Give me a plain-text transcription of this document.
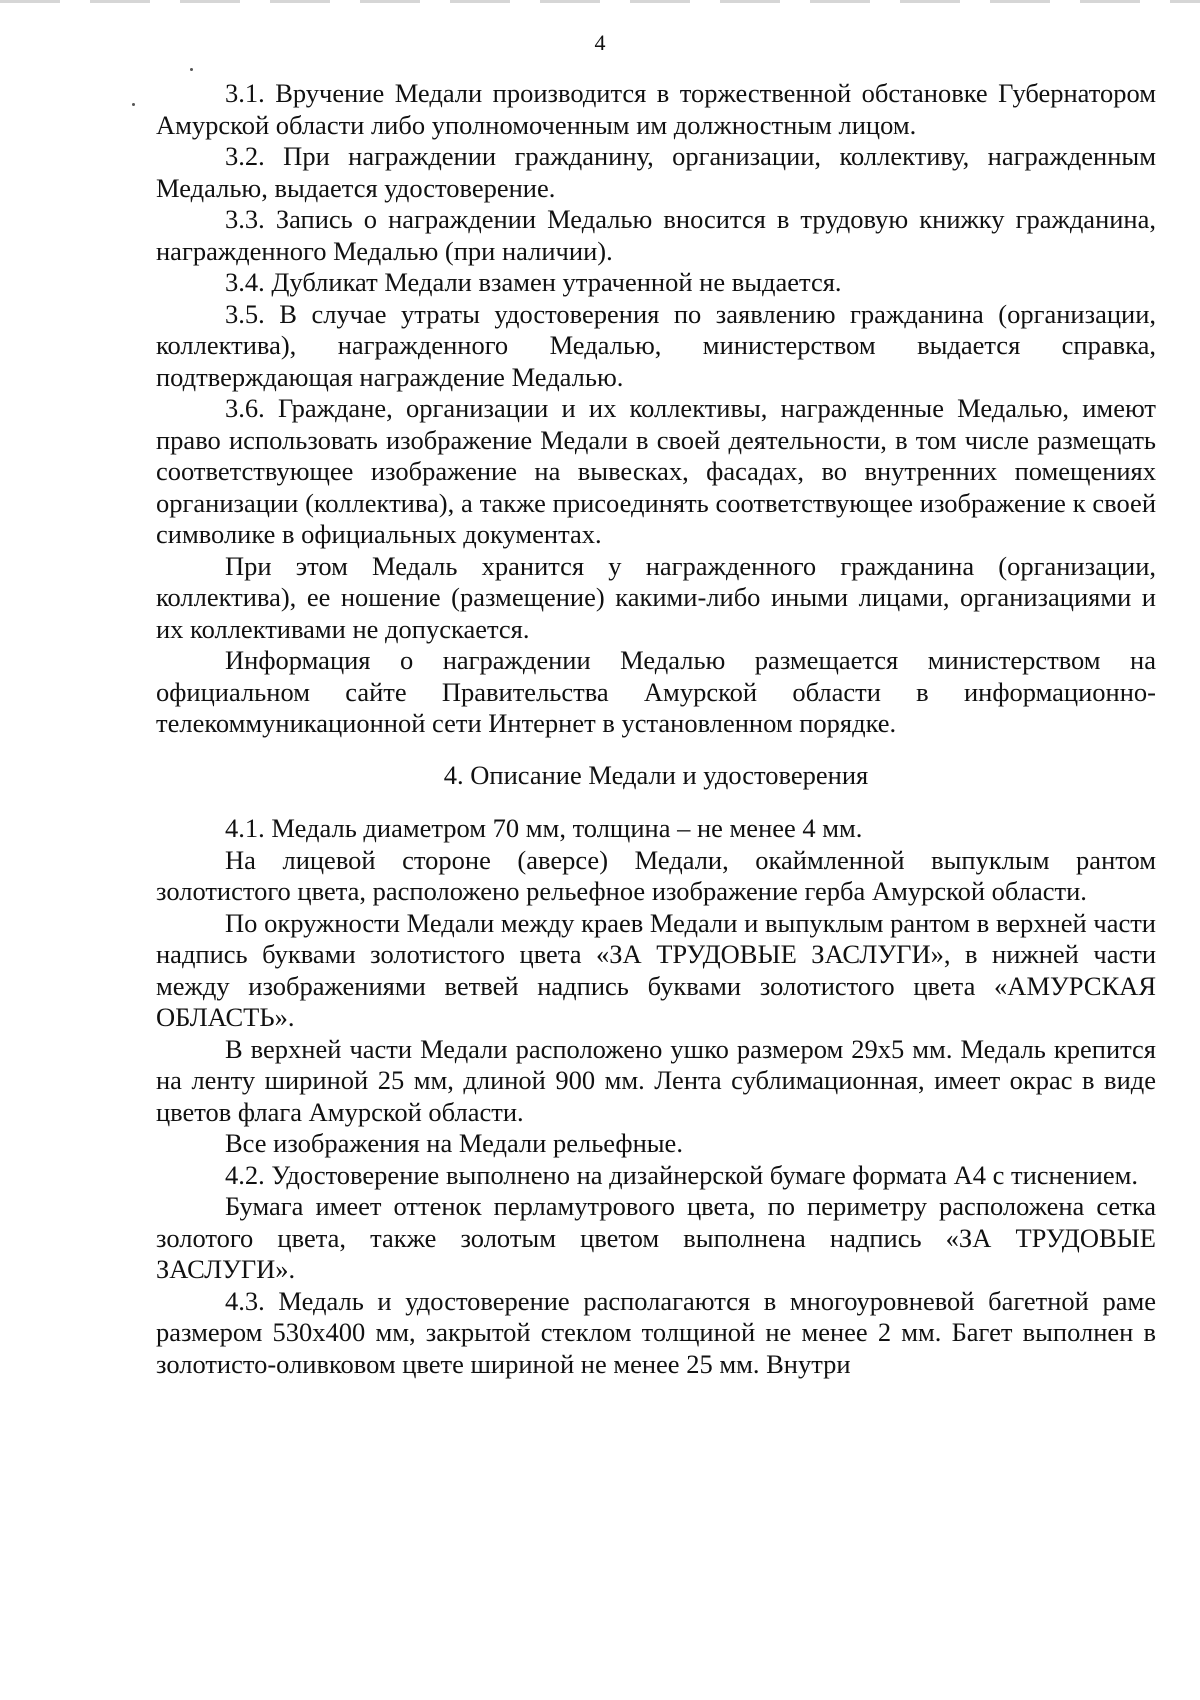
4

3.1. Вручение Медали производится в торжественной обстановке Губернатором Амурской области либо уполномоченным им должностным лицом.

3.2. При награждении гражданину, организации, коллективу, награжденным Медалью, выдается удостоверение.

3.3. Запись о награждении Медалью вносится в трудовую книжку гражданина, награжденного Медалью (при наличии).

3.4. Дубликат Медали взамен утраченной не выдается.

3.5. В случае утраты удостоверения по заявлению гражданина (организации, коллектива), награжденного Медалью, министерством выдается справка, подтверждающая награждение Медалью.

3.6. Граждане, организации и их коллективы, награжденные Медалью, имеют право использовать изображение Медали в своей деятельности, в том числе размещать соответствующее изображение на вывесках, фасадах, во внутренних помещениях организации (коллектива), а также присоединять соответствующее изображение к своей символике в официальных документах.

При этом Медаль хранится у награжденного гражданина (организации, коллектива), ее ношение (размещение) какими-либо иными лицами, организациями и их коллективами не допускается.

Информация о награждении Медалью размещается министерством на официальном сайте Правительства Амурской области в информационно-телекоммуникационной сети Интернет в установленном порядке.

4. Описание Медали и удостоверения

4.1. Медаль диаметром 70 мм, толщина – не менее 4 мм.

На лицевой стороне (аверсе) Медали, окаймленной выпуклым рантом золотистого цвета, расположено рельефное изображение герба Амурской области.

По окружности Медали между краев Медали и выпуклым рантом в верхней части надпись буквами золотистого цвета «ЗА ТРУДОВЫЕ ЗАСЛУГИ», в нижней части между изображениями ветвей надпись буквами золотистого цвета «АМУРСКАЯ ОБЛАСТЬ».

В верхней части Медали расположено ушко размером 29x5 мм. Медаль крепится на ленту шириной 25 мм, длиной 900 мм. Лента сублимационная, имеет окрас в виде цветов флага Амурской области.

Все изображения на Медали рельефные.

4.2. Удостоверение выполнено на дизайнерской бумаге формата А4 с тиснением.

Бумага имеет оттенок перламутрового цвета, по периметру расположена сетка золотого цвета, также золотым цветом выполнена надпись «ЗА ТРУДОВЫЕ ЗАСЛУГИ».

4.3. Медаль и удостоверение располагаются в многоуровневой багетной раме размером 530x400 мм, закрытой стеклом толщиной не менее 2 мм. Багет выполнен в золотисто-оливковом цвете шириной не менее 25 мм. Внутри
